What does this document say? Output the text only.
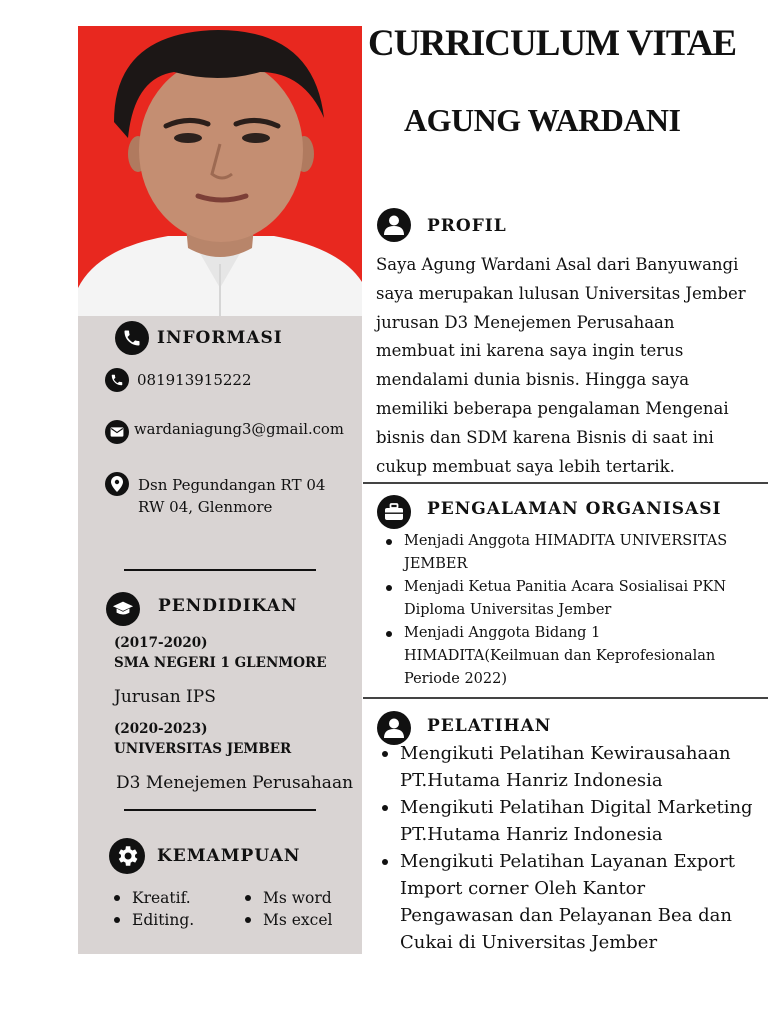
INFORMASI
081913915222
wardaniagung3@gmail.com
Dsn Pegundangan RT 04
RW 04, Glenmore
PENDIDIKAN
(2017-2020)
SMA NEGERI 1 GLENMORE
Jurusan IPS
(2020-2023)
UNIVERSITAS JEMBER
D3 Menejemen Perusahaan
KEMAMPUAN
Kreatif.
Editing.
Ms word
Ms excel
CURRICULUM VITAE
AGUNG WARDANI
PROFIL
Saya Agung Wardani Asal dari Banyuwangi
saya merupakan lulusan Universitas Jember
jurusan D3 Menejemen Perusahaan
membuat ini karena saya ingin terus
mendalami dunia bisnis. Hingga saya
memiliki beberapa pengalaman Mengenai
bisnis dan SDM karena Bisnis di saat ini
cukup membuat saya lebih tertarik.
PENGALAMAN ORGANISASI
Menjadi Anggota HIMADITA UNIVERSITAS
JEMBER
Menjadi Ketua Panitia Acara Sosialisai PKN
Diploma Universitas Jember
Menjadi Anggota Bidang 1
HIMADITA(Keilmuan dan Keprofesionalan
Periode 2022)
PELATIHAN
Mengikuti Pelatihan Kewirausahaan
PT.Hutama Hanriz Indonesia
Mengikuti Pelatihan Digital Marketing
PT.Hutama Hanriz Indonesia
Mengikuti Pelatihan Layanan Export
Import corner Oleh Kantor
Pengawasan dan Pelayanan Bea dan
Cukai di Universitas Jember
